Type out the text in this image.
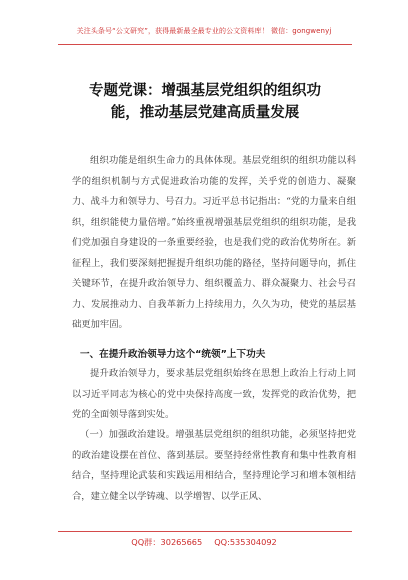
关注头条号“公文研究”，获得最新最全最专业的公文资料库！ 微信：gongwenyj
专题党课：增强基层党组织的组织功
能，推动基层党建高质量发展
组织功能是组织生命力的具体体现。基层党组织的组织功能以科学的组织机制与方式促进政治功能的发挥，关乎党的创造力、凝聚力、战斗力和领导力、号召力。习近平总书记指出：“党的力量来自组织，组织能使力量倍增。”始终重视增强基层党组织的组织功能，是我们党加强自身建设的一条重要经验，也是我们党的政治优势所在。新征程上，我们要深刻把握提升组织功能的路径，坚持问题导向，抓住关键环节，在提升政治领导力、组织覆盖力、群众凝聚力、社会号召力、发展推动力、自我革新力上持续用力，久久为功，使党的基层基础更加牢固。
一、在提升政治领导力这个“统领”上下功夫
提升政治领导力，要求基层党组织始终在思想上政治上行动上同以习近平同志为核心的党中央保持高度一致，发挥党的政治优势，把党的全面领导落到实处。
（一）加强政治建设。增强基层党组织的组织功能，必须坚持把党的政治建设摆在首位、落到基层。要坚持经常性教育和集中性教育相结合，坚持理论武装和实践运用相结合，坚持理论学习和增本领相结合，建立健全以学铸魂、以学增智、以学正风、
QQ群：30265665 QQ:535304092
